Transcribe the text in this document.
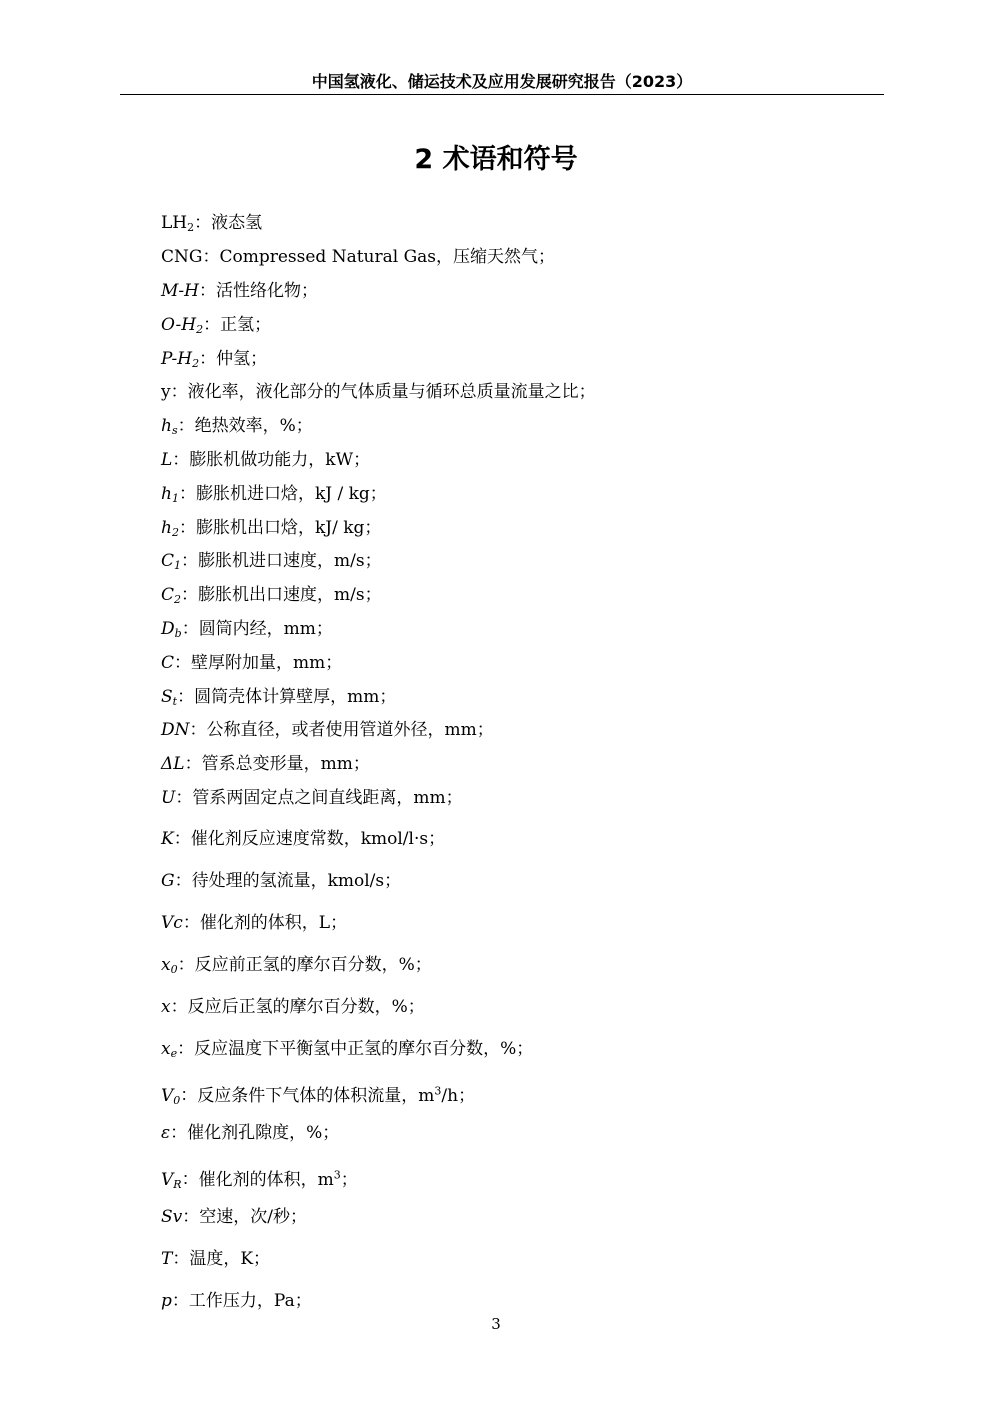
中国氢液化、储运技术及应用发展研究报告（2023）
2 术语和符号
$LH_2$：液态氢
CNG：Compressed Natural Gas，压缩天然气；
M-H：活性络化物；
$O-H_2$：正氢；
$P-H_2$：仲氢；
y：液化率，液化部分的气体质量与循环总质量流量之比；
$h_s$：绝热效率，%；
L：膨胀机做功能力，kW；
$h_1$：膨胀机进口焓，kJ / kg；
$h_2$：膨胀机出口焓，kJ/ kg；
$C_1$：膨胀机进口速度，m/s；
$C_2$：膨胀机出口速度，m/s；
$D_b$：圆筒内经，mm；
C：壁厚附加量，mm；
$S_t$：圆筒壳体计算壁厚，mm；
DN：公称直径，或者使用管道外径，mm；
ΔL：管系总变形量，mm；
U：管系两固定点之间直线距离，mm；
K：催化剂反应速度常数，kmol/l·s；
G：待处理的氢流量，kmol/s；
Vc：催化剂的体积，L；
$x_0$：反应前正氢的摩尔百分数，%；
x：反应后正氢的摩尔百分数，%；
$x_e$：反应温度下平衡氢中正氢的摩尔百分数，%；
$V_0$：反应条件下气体的体积流量，$m^3/h$；
ε：催化剂孔隙度，%；
$V_R$：催化剂的体积，$m^3$；
Sv：空速，次/秒；
T：温度，K；
p：工作压力，Pa；
3
